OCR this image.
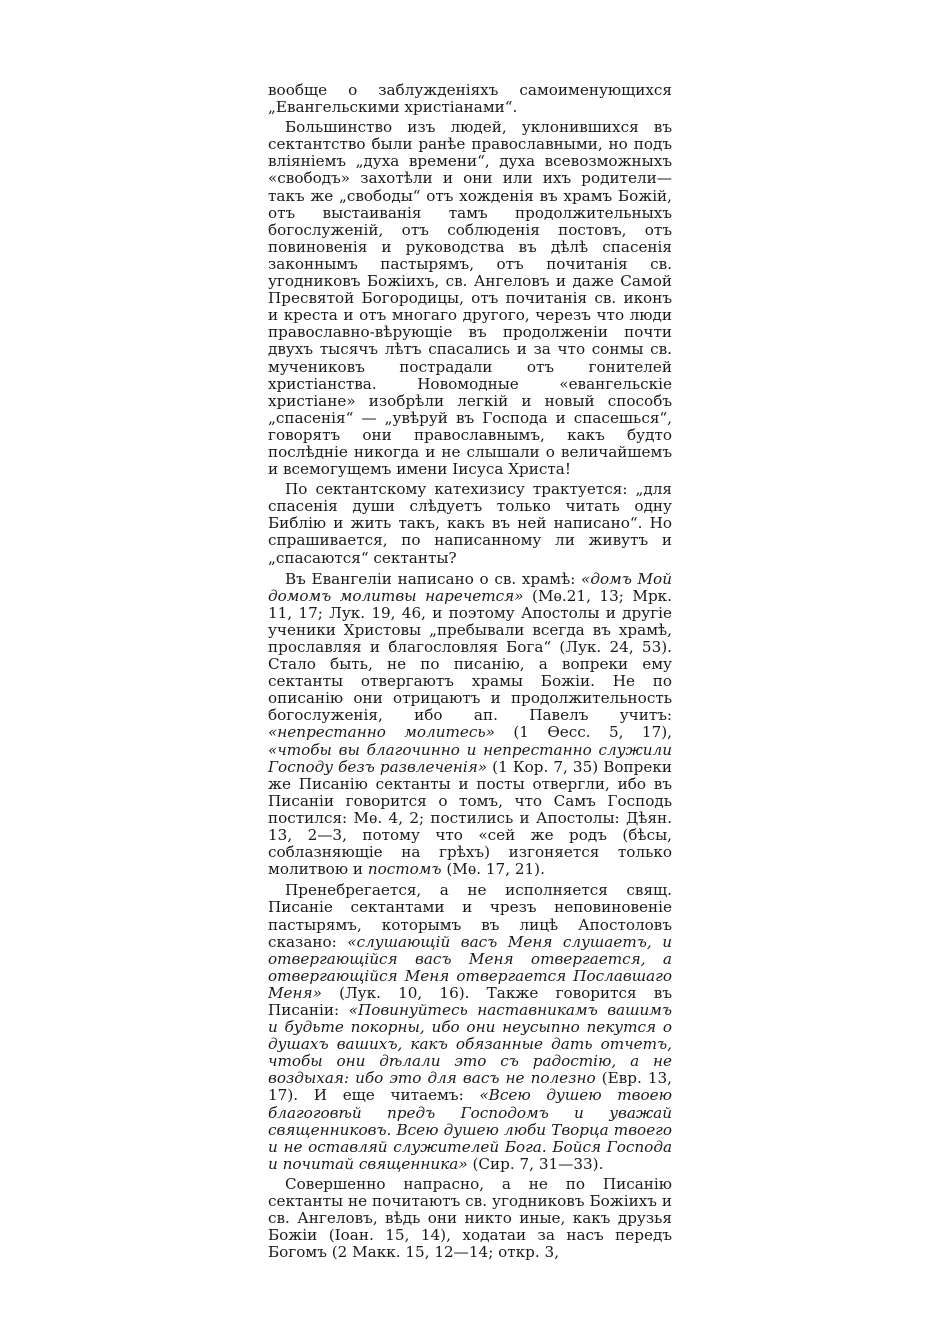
вообще о заблужденіяхъ самоименующихся „Евангельскими христіанами“.

Большинство изъ людей, уклонившихся въ сектантство были ранѣе православными, но подъ вліяніемъ „духа времени“, духа всевозможныхъ «свободъ» захотѣли и они или ихъ родители—такъ же „свободы“ отъ хожденія въ храмъ Божій, отъ выстаиванія тамъ продолжительныхъ богослуженій, отъ соблюденія постовъ, отъ повиновенія и руководства въ дѣлѣ спасенія законнымъ пастырямъ, отъ почитанія св. угодниковъ Божіихъ, св. Ангеловъ и даже Самой Пресвятой Богородицы, отъ почитанія св. иконъ и креста и отъ многаго другого, черезъ что люди православно-вѣрующіе въ продолженіи почти двухъ тысячъ лѣтъ спасались и за что сонмы св. мучениковъ пострадали отъ гонителей христіанства. Новомодные «евангельскіе христіане» изобрѣли легкій и новый способъ „спасенія“ — „увѣруй въ Господа и спасешься“, говорятъ они православнымъ, какъ будто послѣдніе никогда и не слышали о величайшемъ и всемогущемъ имени Іисуса Христа!

По сектантскому катехизису трактуется: „для спасенія души слѣдуетъ только читать одну Библію и жить такъ, какъ въ ней написано“. Но спрашивается, по написанному ли живутъ и „спасаются“ сектанты?

Въ Евангеліи написано о св. храмѣ: «домъ Мой домомъ молитвы наречется» (Мѳ.21, 13; Мрк. 11, 17; Лук. 19, 46, и поэтому Апостолы и другіе ученики Христовы „пребывали всегда въ храмѣ, прославляя и благословляя Бога“ (Лук. 24, 53). Стало быть, не по писанію, а вопреки ему сектанты отвергаютъ храмы Божіи. Не по описанію они отрицаютъ и продолжительность богослуженія, ибо ап. Павелъ учитъ: «непрестанно молитесь» (1 Ѳесс. 5, 17), «чтобы вы благочинно и непрестанно служили Господу безъ развлеченія» (1 Кор. 7, 35) Вопреки же Писанію сектанты и посты отвергли, ибо въ Писаніи говорится о томъ, что Самъ Господь постился: Мѳ. 4, 2; постились и Апостолы: Дѣян. 13, 2—3, потому что «сей же родъ (бѣсы, соблазняющіе на грѣхъ) изгоняется только молитвою и постомъ (Мѳ. 17, 21).

Пренебрегается, а не исполняется свящ. Писаніе сектантами и чрезъ неповиновеніе пастырямъ, которымъ въ лицѣ Апостоловъ сказано: «слушающій васъ Меня слушаетъ, и отвергающійся васъ Меня отвергается, а отвергающійся Меня отвергается Пославшаго Меня» (Лук. 10, 16). Также говорится въ Писаніи: «Повинуйтесь наставникамъ вашимъ и будьте покорны, ибо они неусыпно пекутся о душахъ вашихъ, какъ обязанные дать отчетъ, чтобы они дѣлали это съ радостію, а не воздыхая: ибо это для васъ не полезно (Евр. 13, 17). И еще читаемъ: «Всею душею твоею благоговѣй предъ Господомъ и уважай священниковъ. Всею душею люби Творца твоего и не оставляй служителей Бога. Бойся Господа и почитай священника» (Сир. 7, 31—33).

Совершенно напрасно, а не по Писанію сектанты не почитаютъ св. угодниковъ Божіихъ и св. Ангеловъ, вѣдь они никто иные, какъ друзья Божіи (Іоан. 15, 14), ходатаи за насъ передъ Богомъ (2 Макк. 15, 12—14; откр. 3,
